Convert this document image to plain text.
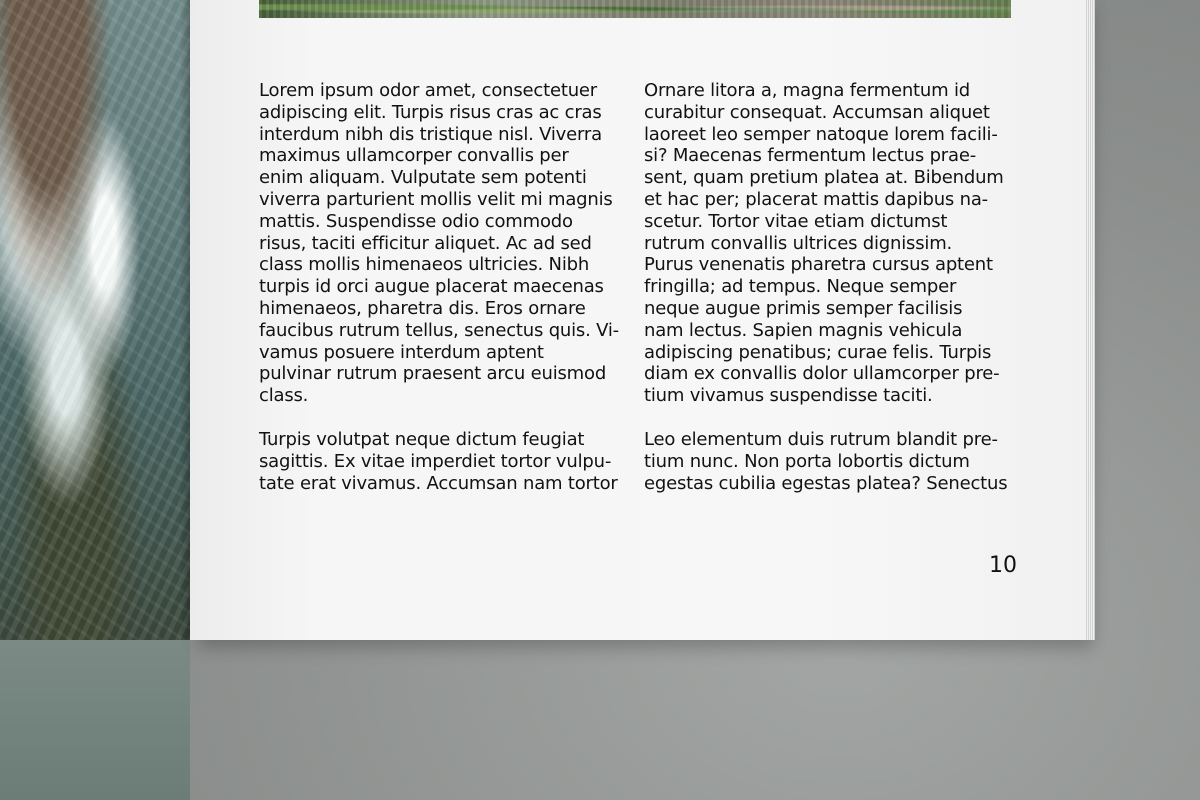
Lorem ipsum odor amet, consectetuer
adipiscing elit. Turpis risus cras ac cras
interdum nibh dis tristique nisl. Viverra
maximus ullamcorper convallis per
enim aliquam. Vulputate sem potenti
viverra parturient mollis velit mi magnis
mattis. Suspendisse odio commodo
risus, taciti efficitur aliquet. Ac ad sed
class mollis himenaeos ultricies. Nibh
turpis id orci augue placerat maecenas
himenaeos, pharetra dis. Eros ornare
faucibus rutrum tellus, senectus quis. Vi-
vamus posuere interdum aptent
pulvinar rutrum praesent arcu euismod
class.

Turpis volutpat neque dictum feugiat
sagittis. Ex vitae imperdiet tortor vulpu-
tate erat vivamus. Accumsan nam tortor

Ornare litora a, magna fermentum id
curabitur consequat. Accumsan aliquet
laoreet leo semper natoque lorem facili-
si? Maecenas fermentum lectus prae-
sent, quam pretium platea at. Bibendum
et hac per; placerat mattis dapibus na-
scetur. Tortor vitae etiam dictumst
rutrum convallis ultrices dignissim.
Purus venenatis pharetra cursus aptent
fringilla; ad tempus. Neque semper
neque augue primis semper facilisis
nam lectus. Sapien magnis vehicula
adipiscing penatibus; curae felis. Turpis
diam ex convallis dolor ullamcorper pre-
tium vivamus suspendisse taciti.

Leo elementum duis rutrum blandit pre-
tium nunc. Non porta lobortis dictum
egestas cubilia egestas platea? Senectus

10
